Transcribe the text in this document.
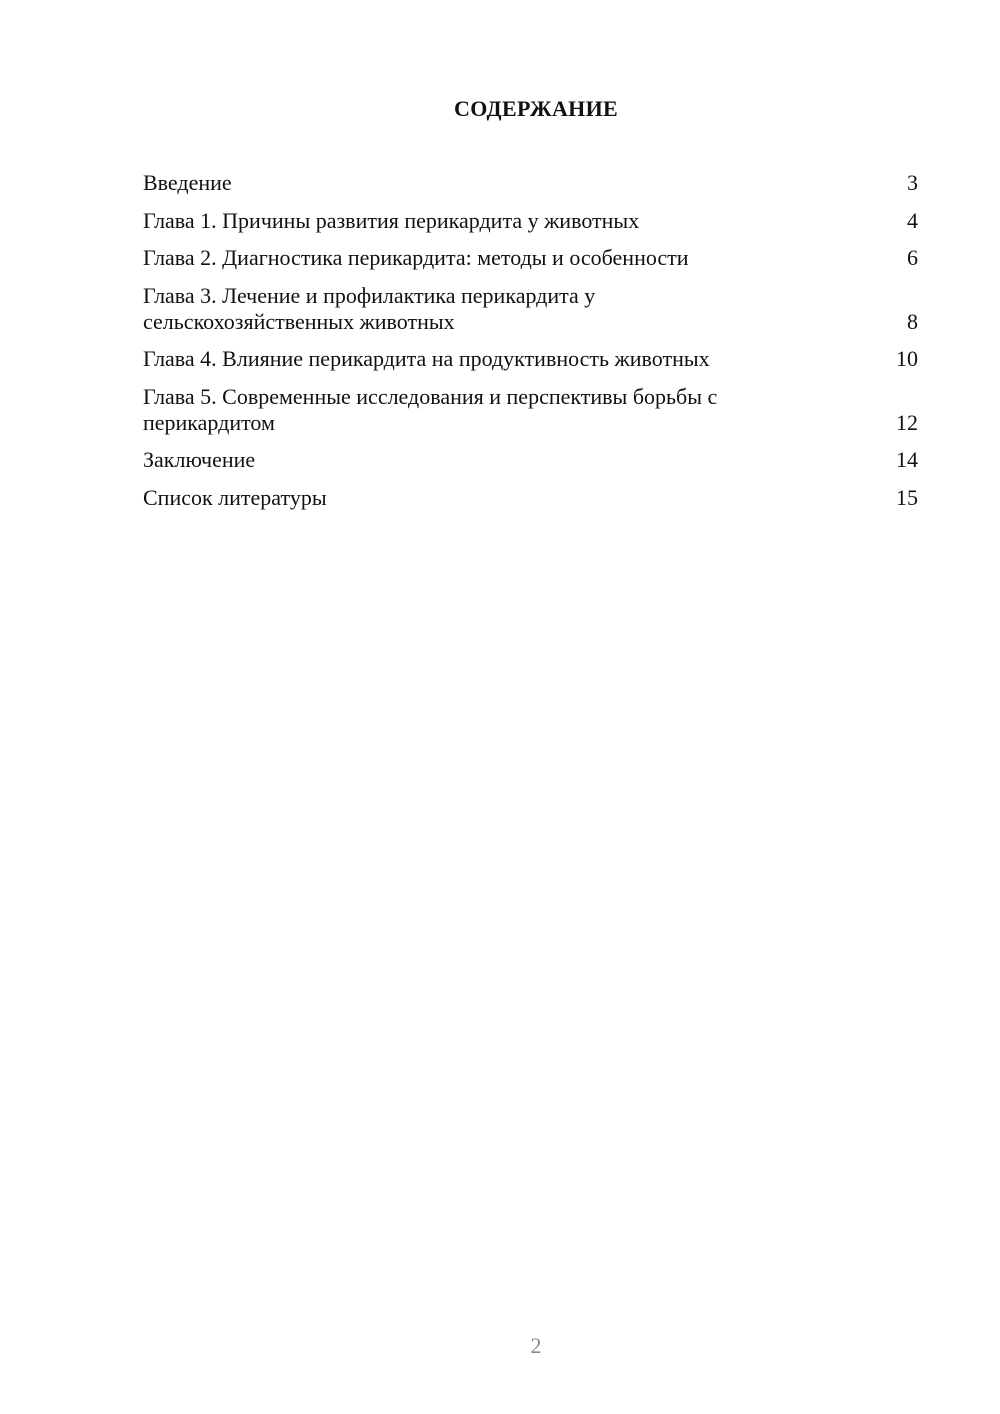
СОДЕРЖАНИЕ
Введение	3
Глава 1. Причины развития перикардита у животных	4
Глава 2. Диагностика перикардита: методы и особенности	6
Глава 3. Лечение и профилактика перикардита у
сельскохозяйственных животных	8
Глава 4. Влияние перикардита на продуктивность животных	10
Глава 5. Современные исследования и перспективы борьбы с
перикардитом	12
Заключение	14
Список литературы	15
2
